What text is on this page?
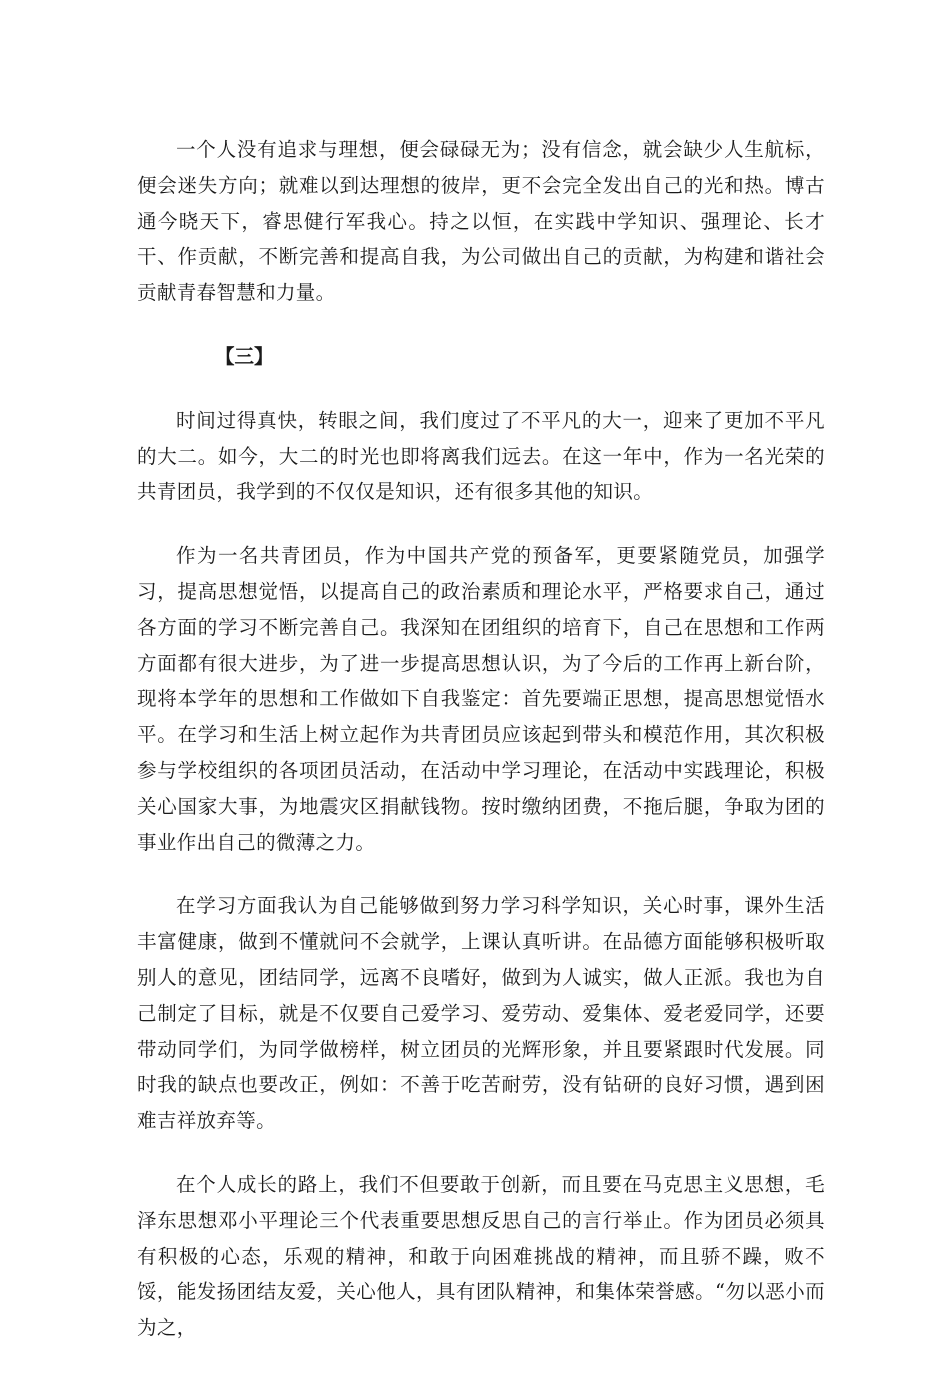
一个人没有追求与理想，便会碌碌无为；没有信念，就会缺少人生航标，便会迷失方向；就难以到达理想的彼岸，更不会完全发出自己的光和热。博古通今晓天下，睿思健行军我心。持之以恒，在实践中学知识、强理论、长才干、作贡献，不断完善和提高自我，为公司做出自己的贡献，为构建和谐社会贡献青春智慧和力量。

【三】

时间过得真快，转眼之间，我们度过了不平凡的大一，迎来了更加不平凡的大二。如今，大二的时光也即将离我们远去。在这一年中，作为一名光荣的共青团员，我学到的不仅仅是知识，还有很多其他的知识。

作为一名共青团员，作为中国共产党的预备军，更要紧随党员，加强学习，提高思想觉悟，以提高自己的政治素质和理论水平，严格要求自己，通过各方面的学习不断完善自己。我深知在团组织的培育下，自己在思想和工作两方面都有很大进步，为了进一步提高思想认识，为了今后的工作再上新台阶，现将本学年的思想和工作做如下自我鉴定：首先要端正思想，提高思想觉悟水平。在学习和生活上树立起作为共青团员应该起到带头和模范作用，其次积极参与学校组织的各项团员活动，在活动中学习理论，在活动中实践理论，积极关心国家大事，为地震灾区捐献钱物。按时缴纳团费，不拖后腿，争取为团的事业作出自己的微薄之力。

在学习方面我认为自己能够做到努力学习科学知识，关心时事，课外生活丰富健康，做到不懂就问不会就学，上课认真听讲。在品德方面能够积极听取别人的意见，团结同学，远离不良嗜好，做到为人诚实，做人正派。我也为自己制定了目标，就是不仅要自己爱学习、爱劳动、爱集体、爱老爱同学，还要带动同学们，为同学做榜样，树立团员的光辉形象，并且要紧跟时代发展。同时我的缺点也要改正，例如：不善于吃苦耐劳，没有钻研的良好习惯，遇到困难吉祥放弃等。

在个人成长的路上，我们不但要敢于创新，而且要在马克思主义思想，毛泽东思想邓小平理论三个代表重要思想反思自己的言行举止。作为团员必须具有积极的心态，乐观的精神，和敢于向困难挑战的精神，而且骄不躁，败不馁，能发扬团结友爱，关心他人，具有团队精神，和集体荣誉感。“勿以恶小而为之，
